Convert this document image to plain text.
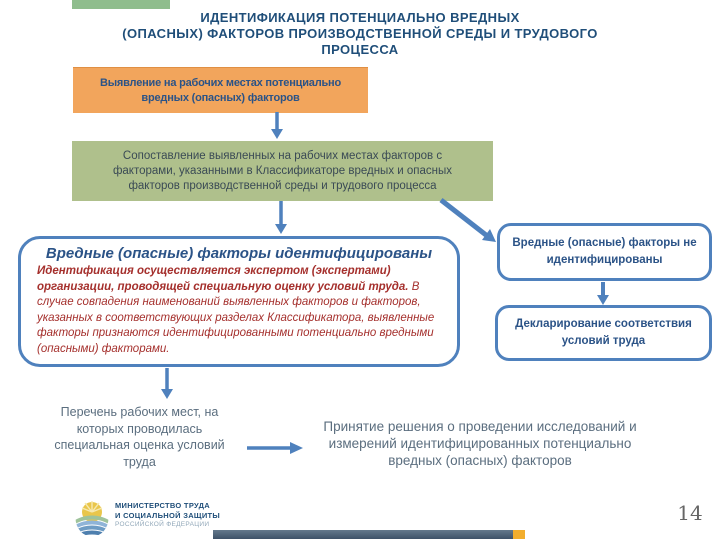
ИДЕНТИФИКАЦИЯ ПОТЕНЦИАЛЬНО ВРЕДНЫХ
(ОПАСНЫХ) ФАКТОРОВ ПРОИЗВОДСТВЕННОЙ СРЕДЫ И ТРУДОВОГО
ПРОЦЕССА
Выявление на рабочих местах потенциально вредных (опасных) факторов
Сопоставление выявленных на рабочих местах факторов с факторами, указанными в Классификаторе вредных и опасных факторов производственной среды и трудового процесса
Вредные (опасные) факторы идентифицированы

Идентификация осуществляется экспертом (экспертами) организации, проводящей специальную оценку условий труда. В случае совпадения наименований выявленных факторов и факторов, указанных в соответствующих разделах Классификатора, выявленные факторы признаются идентифицированными потенциально вредными (опасными) факторами.

Вредные (опасные) факторы не идентифицированы
Декларирование соответствия условий труда
Перечень рабочих мест, на которых проводилась специальная оценка условий труда
Принятие решения о проведении исследований и измерений идентифицированных потенциально вредных (опасных) факторов
МИНИСТЕРСТВО ТРУДА
И СОЦИАЛЬНОЙ ЗАЩИТЫ
РОССИЙСКОЙ ФЕДЕРАЦИИ	14
